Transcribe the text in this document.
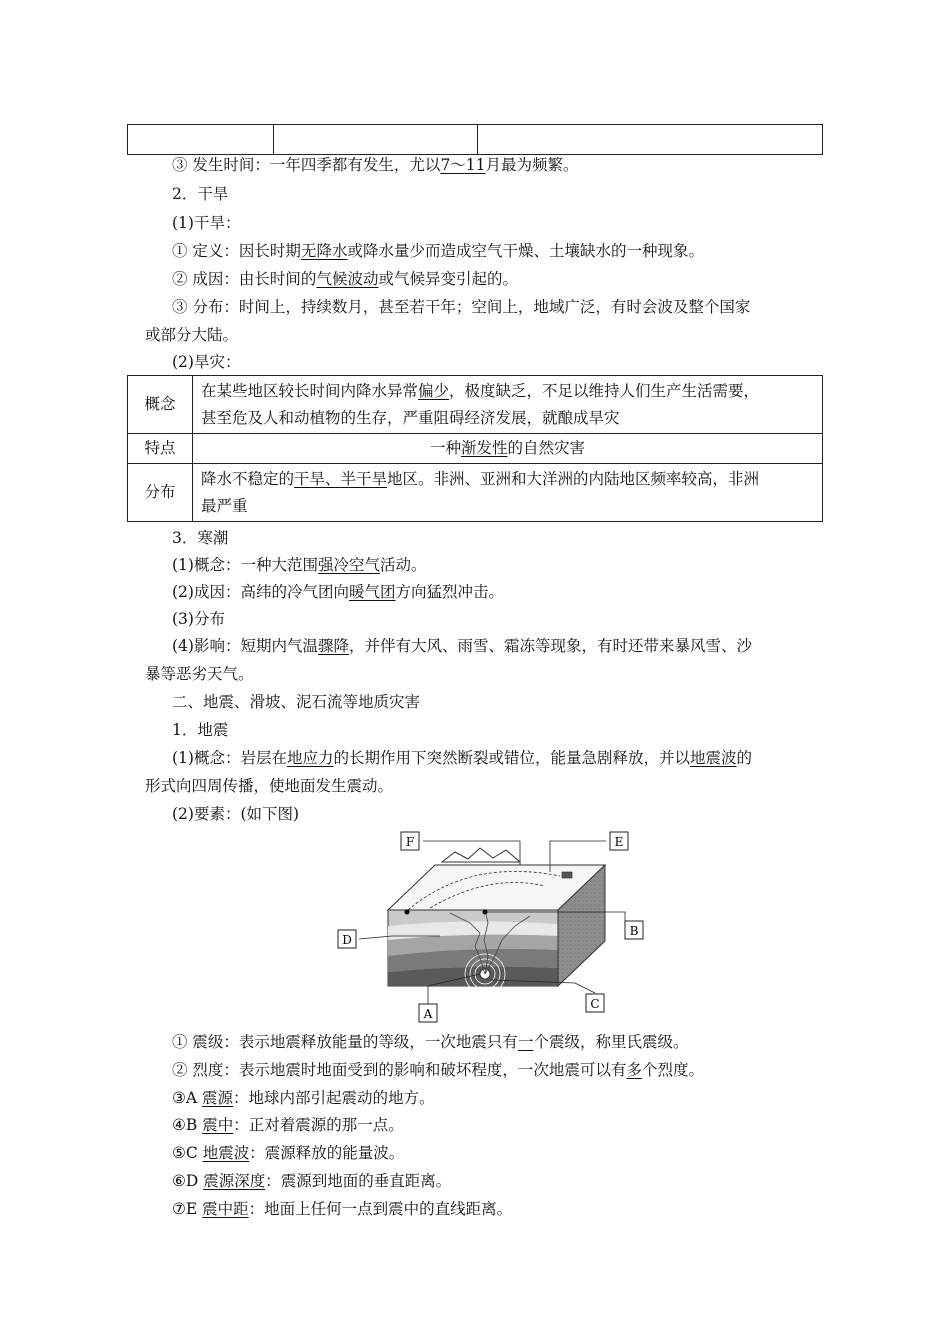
③ 发生时间：一年四季都有发生，尤以7～11月最为频繁。
2．干旱
(1)干旱：
① 定义：因长时期无降水或降水量少而造成空气干燥、土壤缺水的一种现象。
② 成因：由长时间的气候波动或气候异变引起的。
③ 分布：时间上，持续数月，甚至若干年；空间上，地域广泛，有时会波及整个国家
或部分大陆。
(2)旱灾：
概念	在某些地区较长时间内降水异常偏少，极度缺乏，不足以维持人们生产生活需要，
甚至危及人和动植物的生存，严重阻碍经济发展，就酿成旱灾
特点	一种渐发性的自然灾害
分布	降水不稳定的干旱、半干旱地区。非洲、亚洲和大洋洲的内陆地区频率较高，非洲
最严重
3．寒潮
(1)概念：一种大范围强冷空气活动。
(2)成因：高纬的冷气团向暖气团方向猛烈冲击。
(3)分布
(4)影响：短期内气温骤降，并伴有大风、雨雪、霜冻等现象，有时还带来暴风雪、沙
暴等恶劣天气。
二、地震、滑坡、泥石流等地质灾害
1．地震
(1)概念：岩层在地应力的长期作用下突然断裂或错位，能量急剧释放，并以地震波的
形式向四周传播，使地面发生震动。
(2)要素：(如下图)
F	E
D
B
A
C
① 震级：表示地震释放能量的等级，一次地震只有一个震级，称里氏震级。
② 烈度：表示地震时地面受到的影响和破坏程度，一次地震可以有多个烈度。
③A 震源：地球内部引起震动的地方。
④B 震中：正对着震源的那一点。
⑤C 地震波：震源释放的能量波。
⑥D 震源深度：震源到地面的垂直距离。
⑦E 震中距：地面上任何一点到震中的直线距离。
